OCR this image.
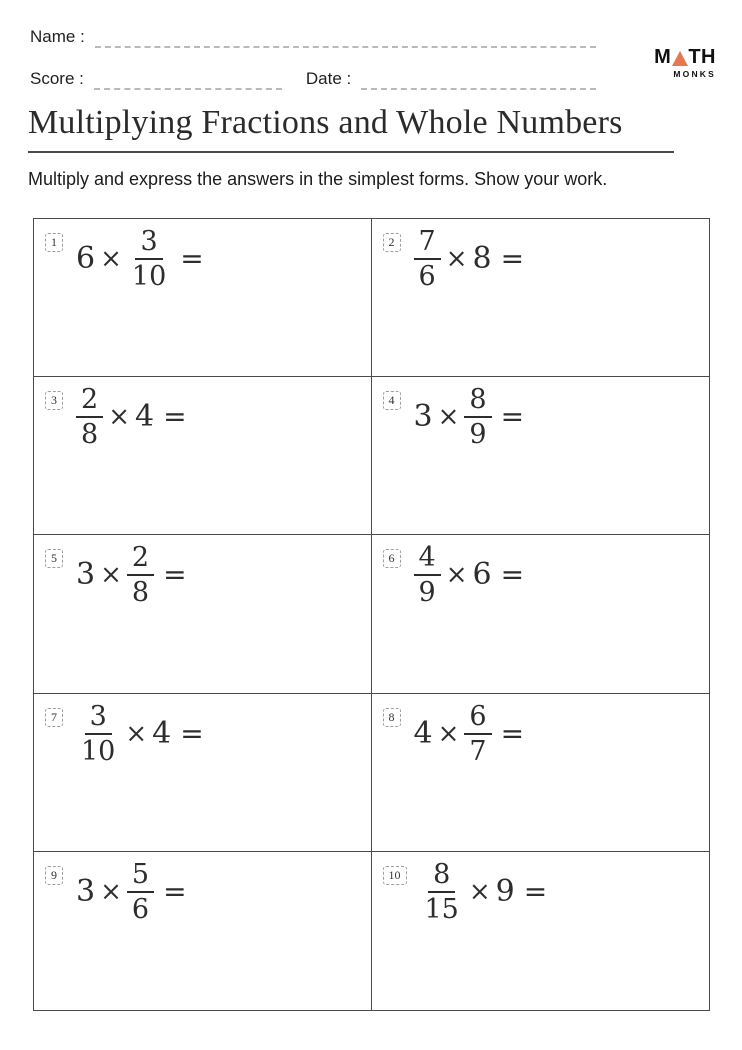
Name :
Score :	Date :
M TH
MONKS
Multiplying Fractions and Whole Numbers

Multiply and express the answers in the simplest forms. Show your work.

1 $6 \times \frac{3}{10}$ =	$2 \frac{7}{6} \times 8$ =
$3 \frac{2}{8} \times 4$ =	4 $3 \times \frac{8}{9}$ =
5 $3 \times \frac{2}{8}$ =	$6 \frac{4}{9} \times 6$ =
$7 \frac{3}{10} \times 4$ =	8 $4 \times \frac{6}{7}$ =
9 $3 \times \frac{5}{6}$ =	$10 \frac{8}{15} \times 9$ =
